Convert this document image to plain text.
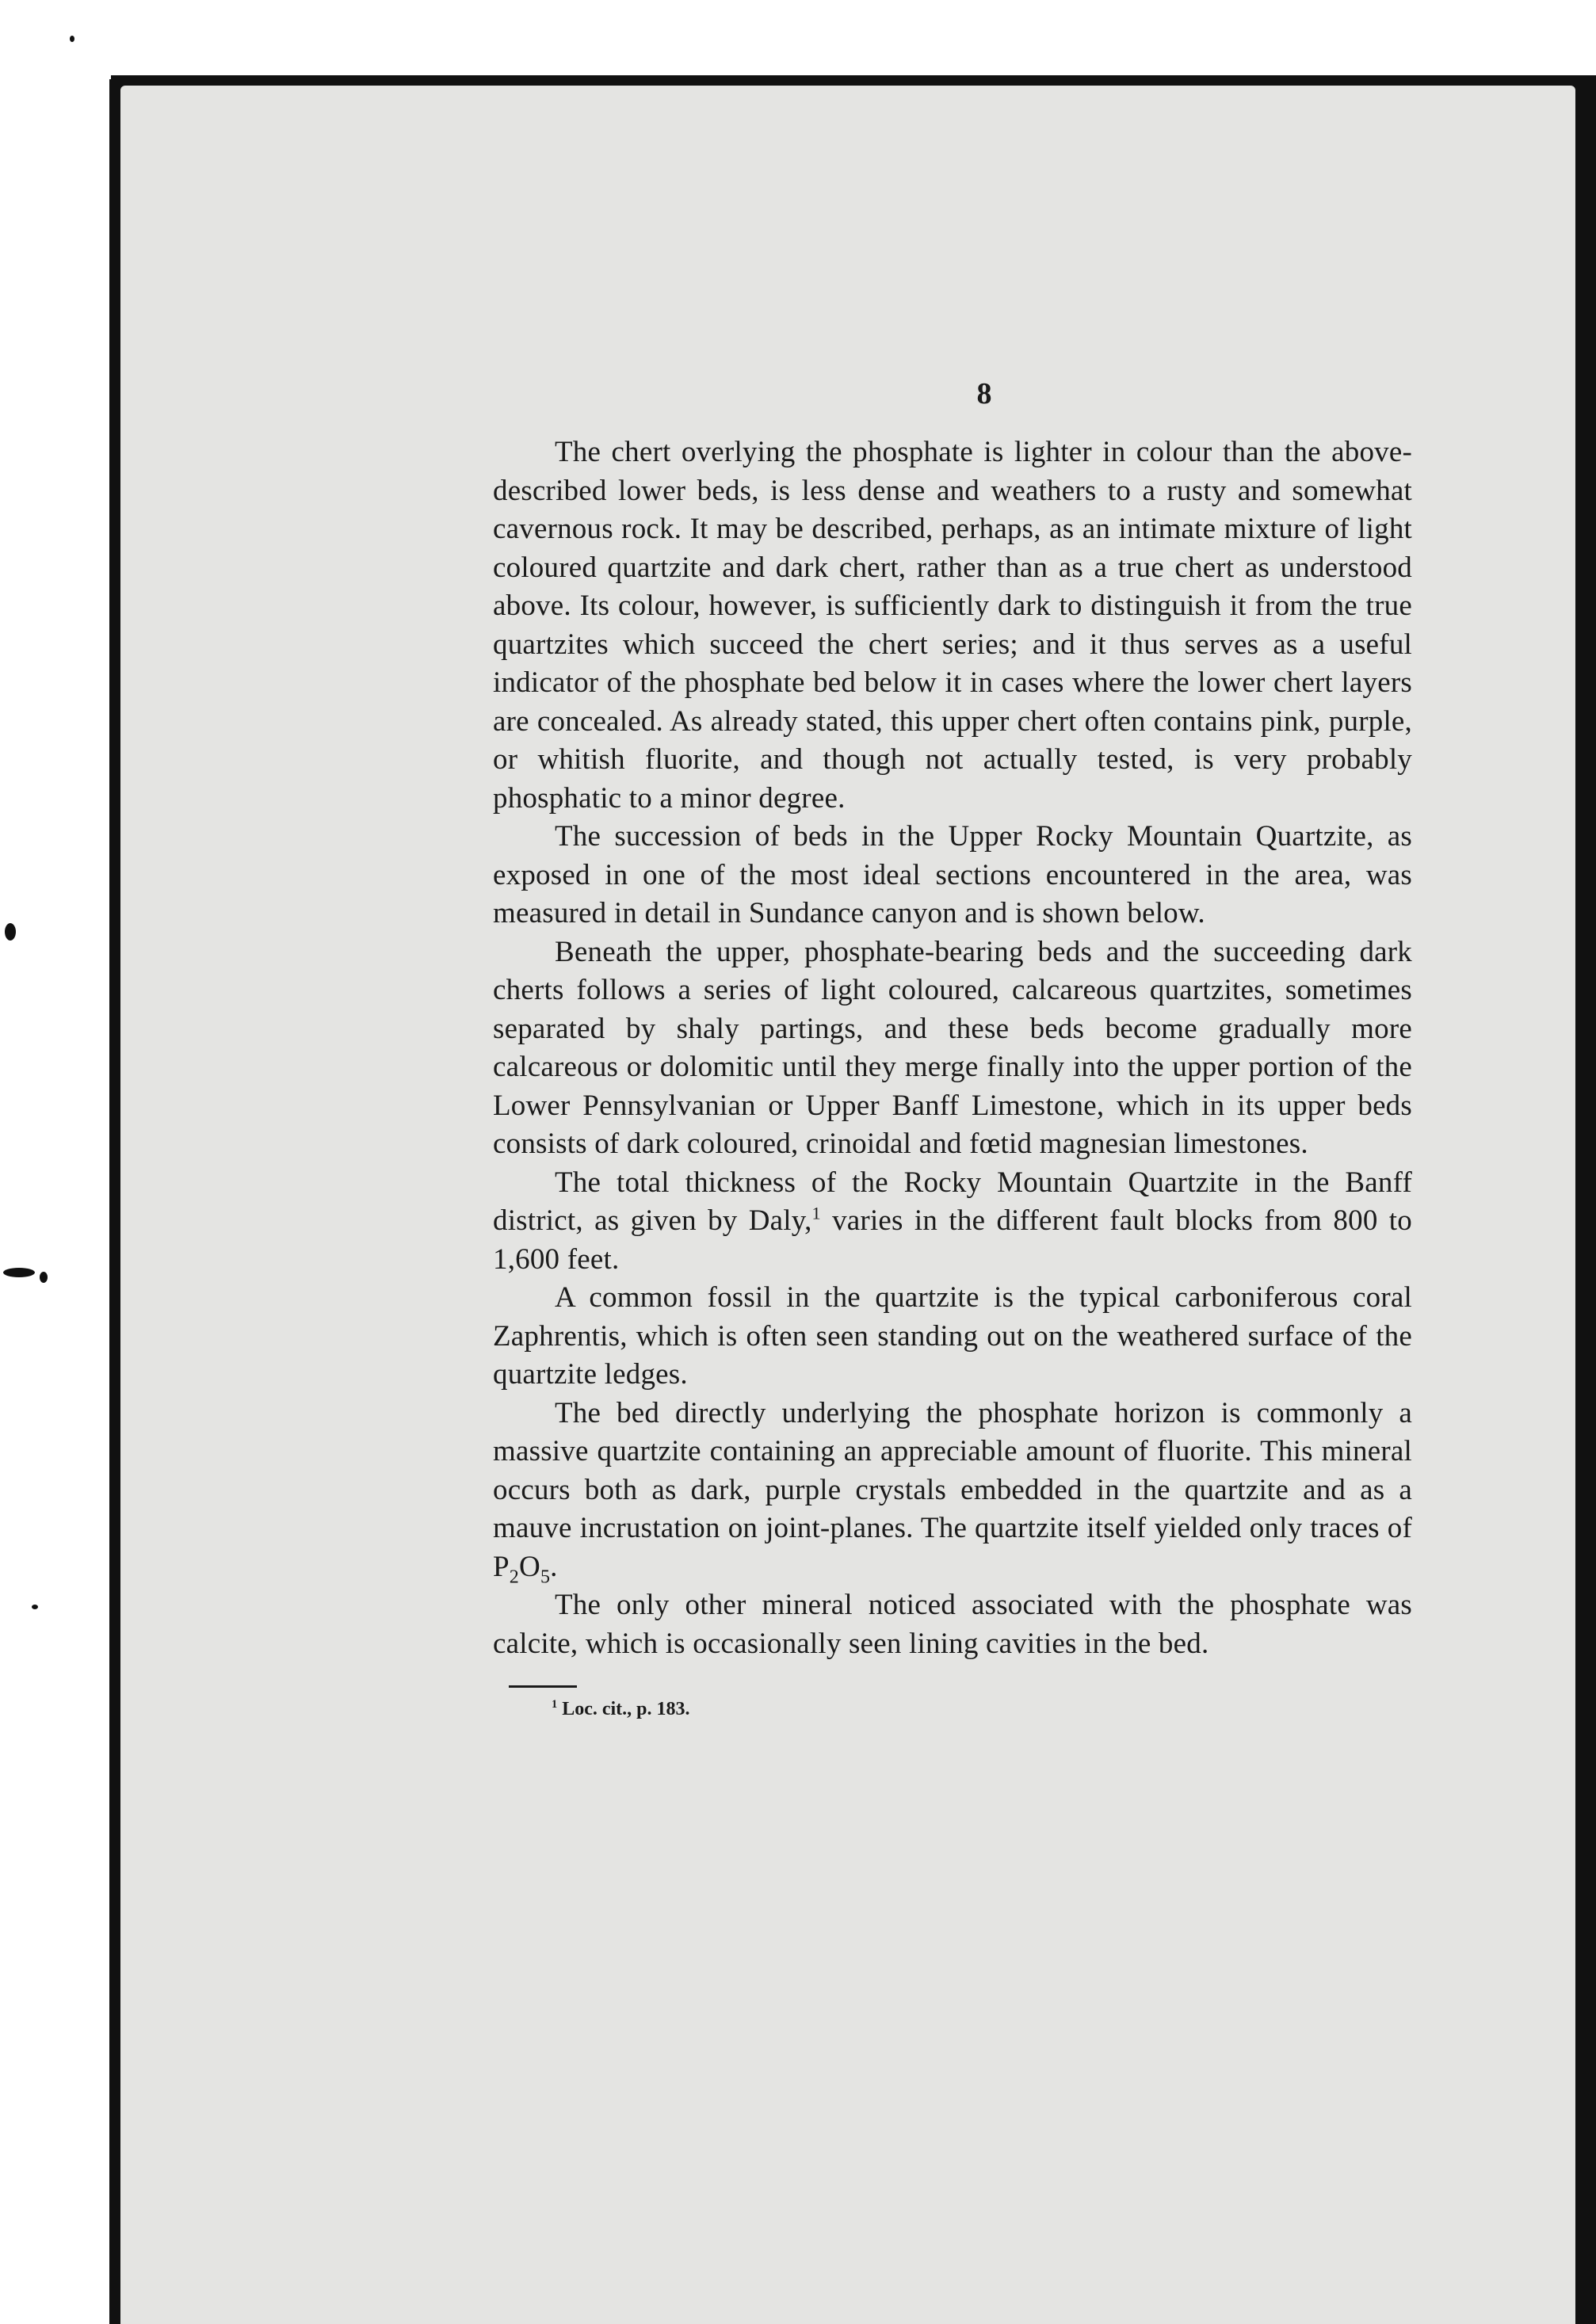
8

The chert overlying the phosphate is lighter in colour than the above-described lower beds, is less dense and weathers to a rusty and somewhat cavernous rock. It may be described, perhaps, as an intimate mixture of light coloured quartzite and dark chert, rather than as a true chert as understood above. Its colour, however, is sufficiently dark to distinguish it from the true quartzites which succeed the chert series; and it thus serves as a useful indicator of the phosphate bed below it in cases where the lower chert layers are concealed. As already stated, this upper chert often contains pink, purple, or whitish fluorite, and though not actually tested, is very probably phosphatic to a minor degree.

The succession of beds in the Upper Rocky Mountain Quartzite, as exposed in one of the most ideal sections encountered in the area, was measured in detail in Sundance canyon and is shown below.

Beneath the upper, phosphate-bearing beds and the succeeding dark cherts follows a series of light coloured, calcareous quartzites, sometimes separated by shaly partings, and these beds become gradually more calcareous or dolomitic until they merge finally into the upper portion of the Lower Pennsylvanian or Upper Banff Limestone, which in its upper beds consists of dark coloured, crinoidal and fœtid magnesian limestones.

The total thickness of the Rocky Mountain Quartzite in the Banff district, as given by Daly,$^1$ varies in the different fault blocks from 800 to 1,600 feet.

A common fossil in the quartzite is the typical carboniferous coral Zaphrentis, which is often seen standing out on the weathered surface of the quartzite ledges.

The bed directly underlying the phosphate horizon is commonly a massive quartzite containing an appreciable amount of fluorite. This mineral occurs both as dark, purple crystals embedded in the quartzite and as a mauve incrustation on joint-planes. The quartzite itself yielded only traces of $P_2O_5$.

The only other mineral noticed associated with the phosphate was calcite, which is occasionally seen lining cavities in the bed.

$^1$ Loc. cit., p. 183.
